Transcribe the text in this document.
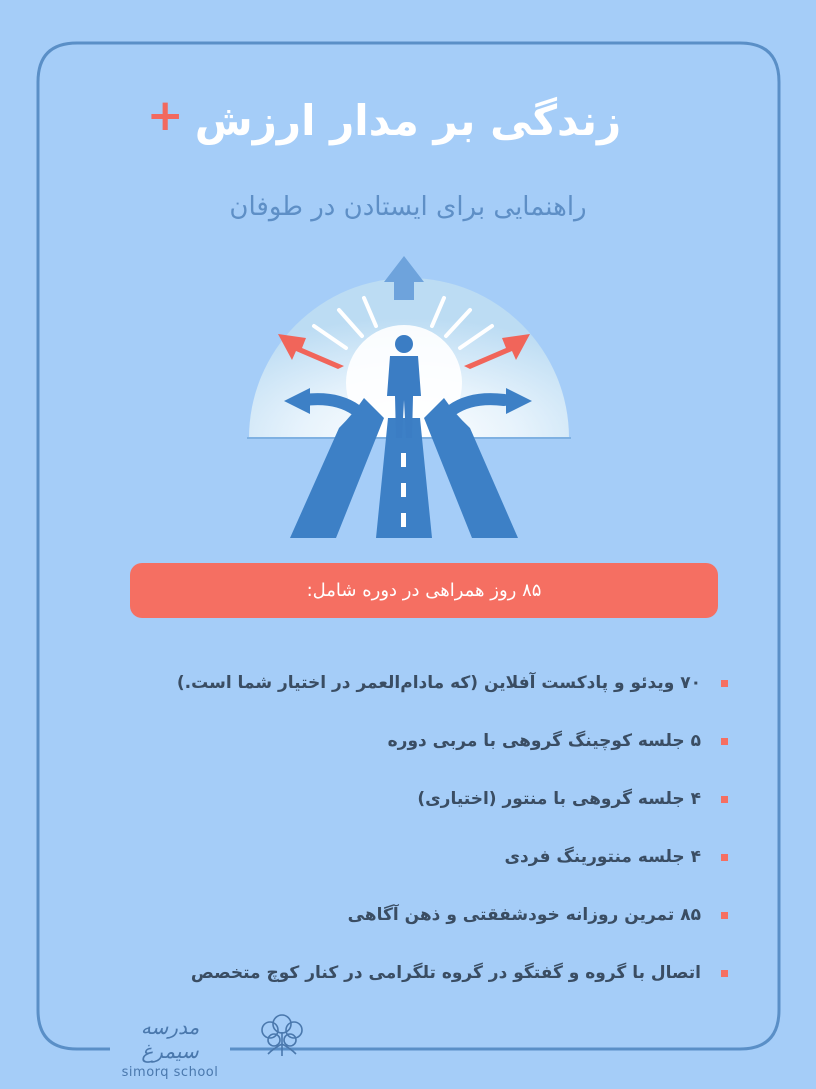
زندگی بر مدار ارزش
+
راهنمایی برای ایستادن در طوفان
۸۵ روز همراهی در دوره شامل:
۷۰ ویدئو و پادکست آفلاین (که مادام‌العمر در اختیار شما است.)
۵ جلسه کوچینگ گروهی با مربی دوره
۴ جلسه گروهی با منتور (اختیاری)
۴ جلسه منتورینگ فردی
۸۵ تمرین روزانه خودشفقتی و ذهن آگاهی
اتصال با گروه و گفتگو در گروه تلگرامی در کنار کوچ متخصص
مدرسه سیمرغ
simorq school
